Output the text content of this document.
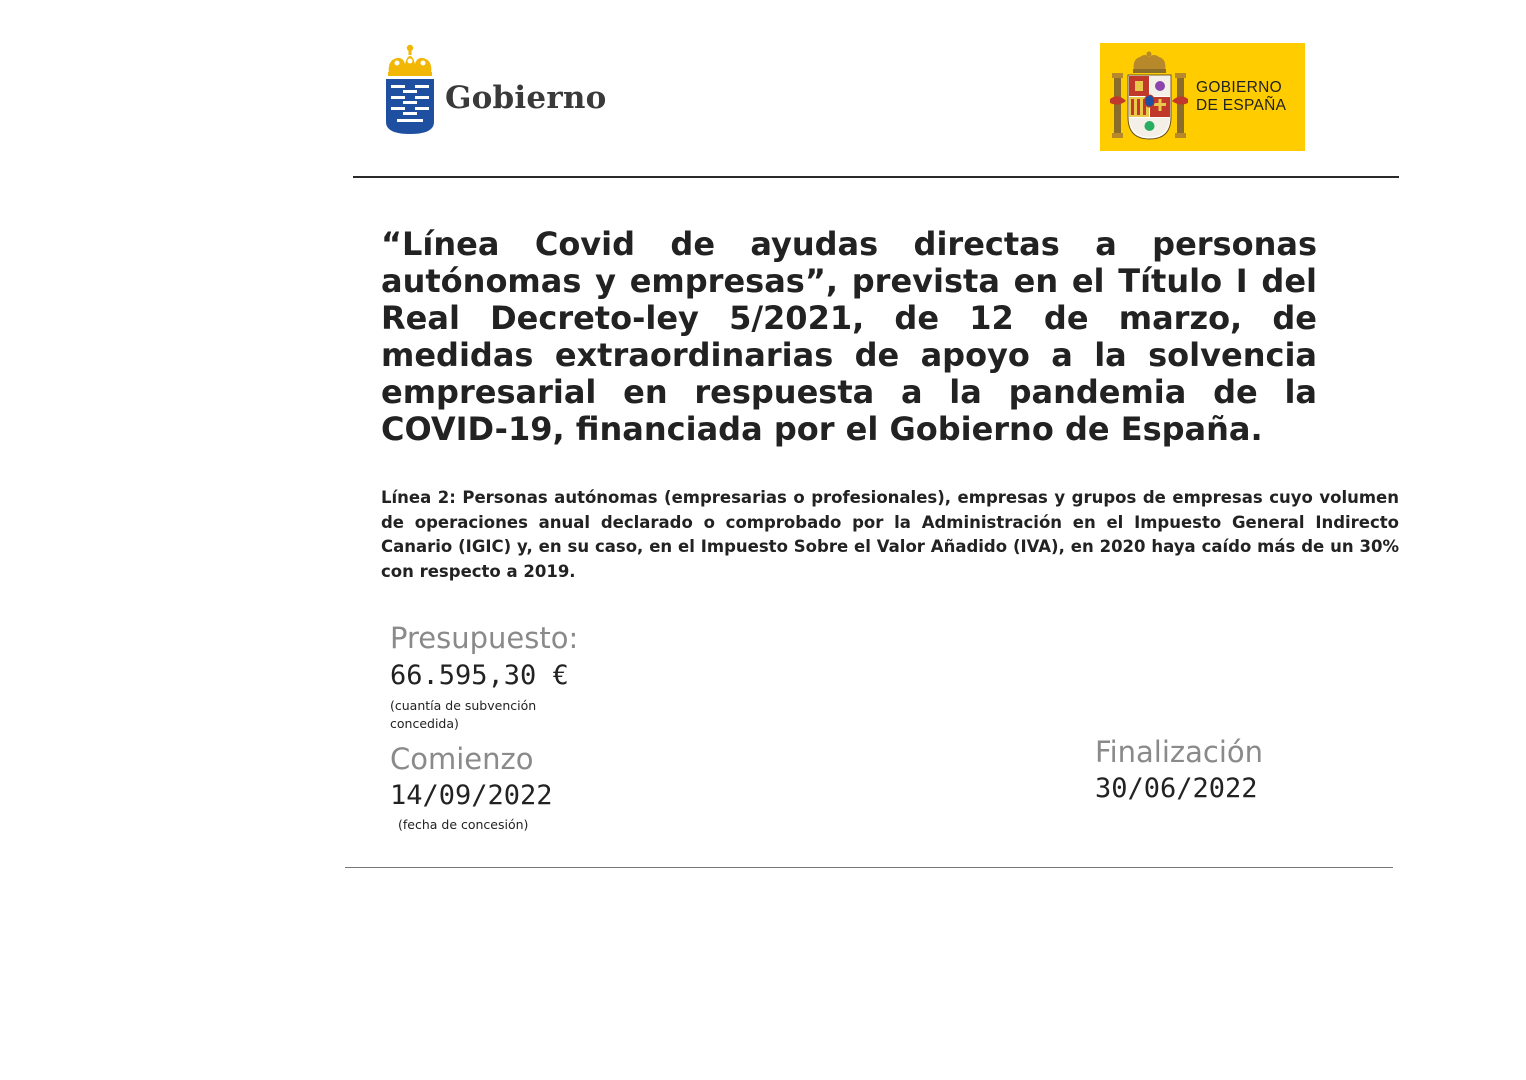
Gobierno	GOBIERNO
DE ESPAÑA

“Línea Covid de ayudas directas a personas autónomas y empresas”, prevista en el Título I del Real Decreto-ley 5/2021, de 12 de marzo, de medidas extraordinarias de apoyo a la solvencia empresarial en respuesta a la pandemia de la COVID-19, financiada por el Gobierno de España.

Línea 2: Personas autónomas (empresarias o profesionales), empresas y grupos de empresas cuyo volumen de operaciones anual declarado o comprobado por la Administración en el Impuesto General Indirecto Canario (IGIC) y, en su caso, en el Impuesto Sobre el Valor Añadido (IVA), en 2020 haya caído más de un 30% con respecto a 2019.

Presupuesto:
66.595,30 €
(cuantía de subvención
concedida)
Comienzo
14/09/2022
(fecha de concesión)
Finalización
30/06/2022
